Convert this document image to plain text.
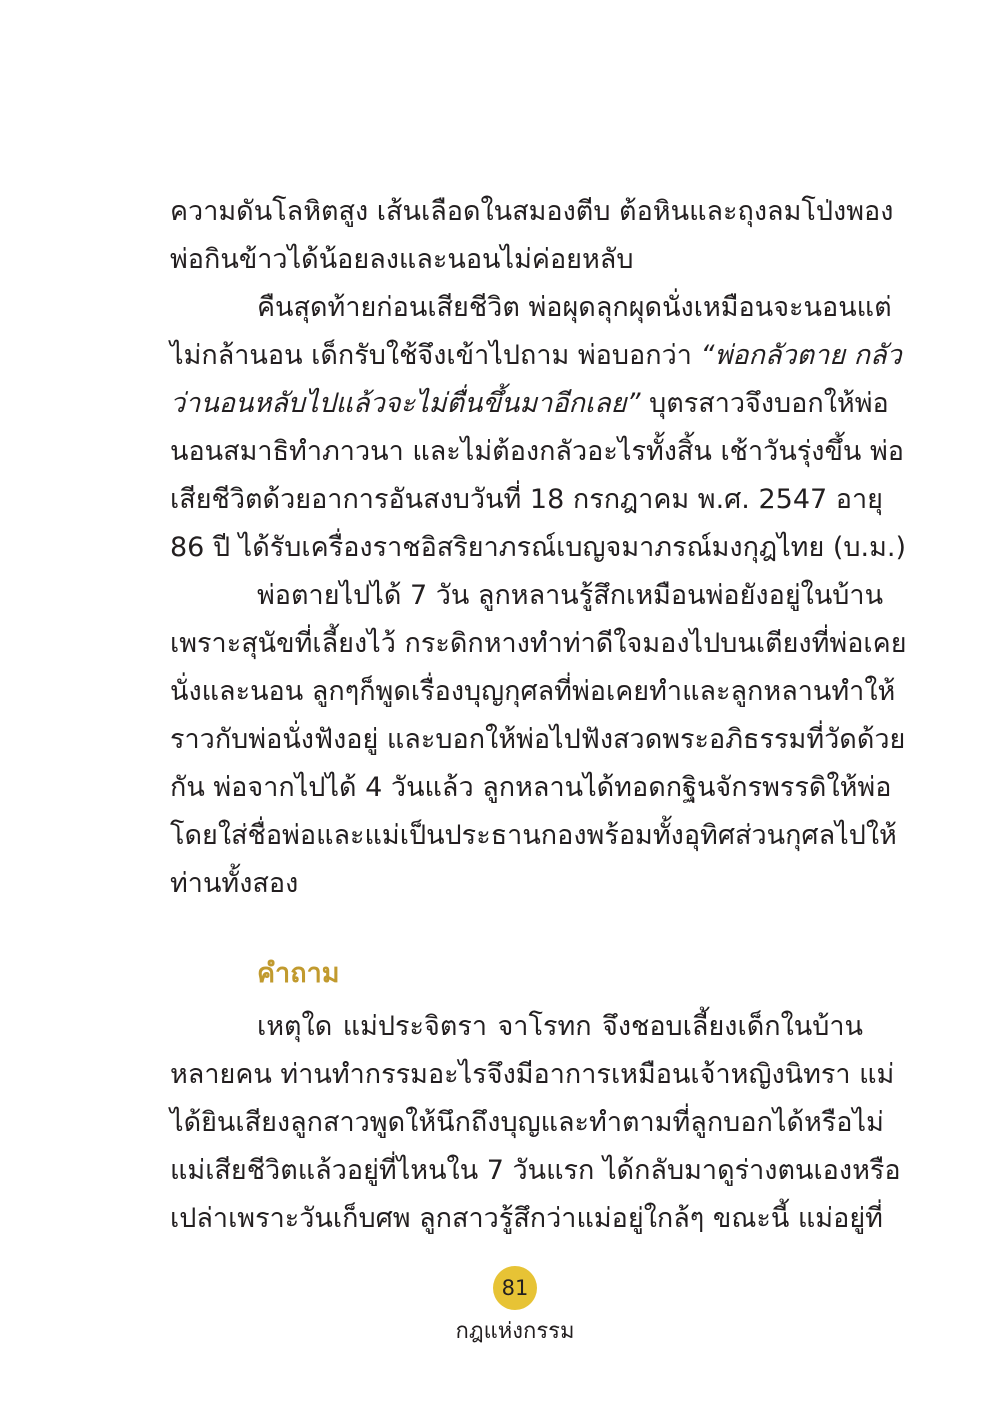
ความดันโลหิตสูง เส้นเลือดในสมองตีบ ต้อหินและถุงลมโป่งพอง
พ่อกินข้าวได้น้อยลงและนอนไม่ค่อยหลับ
คืนสุดท้ายก่อนเสียชีวิต พ่อผุดลุกผุดนั่งเหมือนจะนอนแต่
ไม่กล้านอน เด็กรับใช้จึงเข้าไปถาม พ่อบอกว่า “พ่อกลัวตาย กลัว
ว่านอนหลับไปแล้วจะไม่ตื่นขึ้นมาอีกเลย” บุตรสาวจึงบอกให้พ่อ
นอนสมาธิทำภาวนา และไม่ต้องกลัวอะไรทั้งสิ้น เช้าวันรุ่งขึ้น พ่อ
เสียชีวิตด้วยอาการอันสงบวันที่ 18 กรกฎาคม พ.ศ. 2547 อายุ
86 ปี ได้รับเครื่องราชอิสริยาภรณ์เบญจมาภรณ์มงกุฎไทย (บ.ม.)
พ่อตายไปได้ 7 วัน ลูกหลานรู้สึกเหมือนพ่อยังอยู่ในบ้าน
เพราะสุนัขที่เลี้ยงไว้ กระดิกหางทำท่าดีใจมองไปบนเตียงที่พ่อเคย
นั่งและนอน ลูกๆก็พูดเรื่องบุญกุศลที่พ่อเคยทำและลูกหลานทำให้
ราวกับพ่อนั่งฟังอยู่ และบอกให้พ่อไปฟังสวดพระอภิธรรมที่วัดด้วย
กัน พ่อจากไปได้ 4 วันแล้ว ลูกหลานได้ทอดกฐินจักรพรรดิให้พ่อ
โดยใส่ชื่อพ่อและแม่เป็นประธานกองพร้อมทั้งอุทิศส่วนกุศลไปให้
ท่านทั้งสอง
คำถาม
เหตุใด แม่ประจิตรา จาโรทก จึงชอบเลี้ยงเด็กในบ้าน
หลายคน ท่านทำกรรมอะไรจึงมีอาการเหมือนเจ้าหญิงนิทรา แม่
ได้ยินเสียงลูกสาวพูดให้นึกถึงบุญและทำตามที่ลูกบอกได้หรือไม่
แม่เสียชีวิตแล้วอยู่ที่ไหนใน 7 วันแรก ได้กลับมาดูร่างตนเองหรือ
เปล่าเพราะวันเก็บศพ ลูกสาวรู้สึกว่าแม่อยู่ใกล้ๆ ขณะนี้ แม่อยู่ที่
81
กฎแห่งกรรม
